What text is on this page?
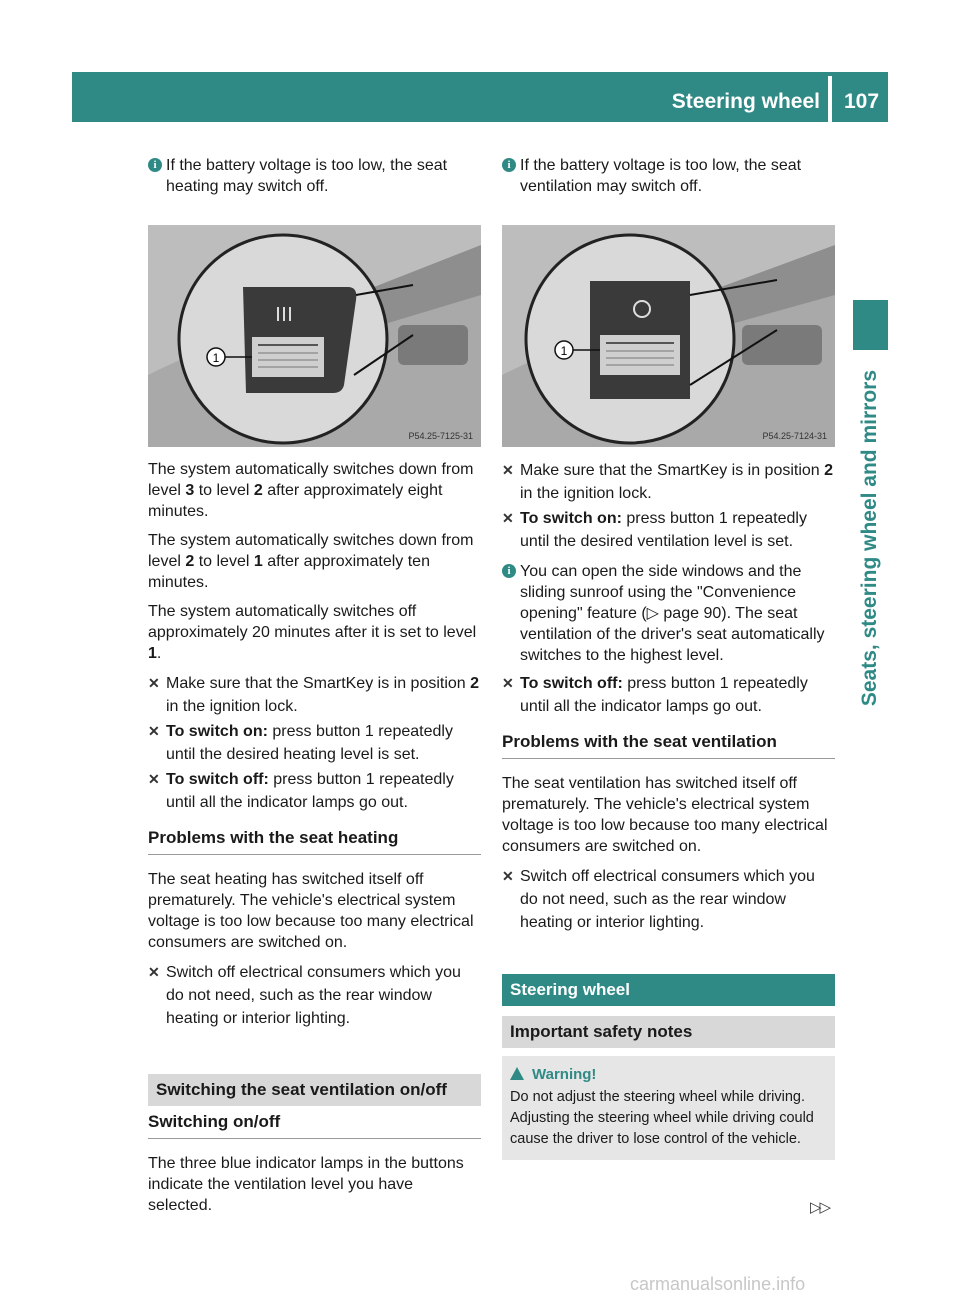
Steering wheel 107
Seats, steering wheel and mirrors
i If the battery voltage is too low, the seat heating may switch off.
1
P54.25-7125-31

The system automatically switches down from level 3 to level 2 after approximately eight minutes.

The system automatically switches down from level 2 to level 1 after approximately ten minutes.

The system automatically switches off approximately 20 minutes after it is set to level 1.

✕ Make sure that the SmartKey is in position 2 in the ignition lock.
✕ To switch on: press button 1 repeatedly until the desired heating level is set.
✕ To switch off: press button 1 repeatedly until all the indicator lamps go out.
Problems with the seat heating

The seat heating has switched itself off prematurely. The vehicle's electrical system voltage is too low because too many electrical consumers are switched on.

✕ Switch off electrical consumers which you do not need, such as the rear window heating or interior lighting.
Switching the seat ventilation on/off
Switching on/off

The three blue indicator lamps in the buttons indicate the ventilation level you have selected.

i If the battery voltage is too low, the seat ventilation may switch off.
1
P54.25-7124-31
✕ Make sure that the SmartKey is in position 2 in the ignition lock.
✕ To switch on: press button 1 repeatedly until the desired ventilation level is set.
i You can open the side windows and the sliding sunroof using the "Convenience opening" feature (▷ page 90). The seat ventilation of the driver's seat automatically switches to the highest level.
✕ To switch off: press button 1 repeatedly until all the indicator lamps go out.
Problems with the seat ventilation

The seat ventilation has switched itself off prematurely. The vehicle's electrical system voltage is too low because too many electrical consumers are switched on.

✕ Switch off electrical consumers which you do not need, such as the rear window heating or interior lighting.
Steering wheel
Important safety notes
Warning!
Do not adjust the steering wheel while driving. Adjusting the steering wheel while driving could cause the driver to lose control of the vehicle.
▷▷
carmanualsonline.info
